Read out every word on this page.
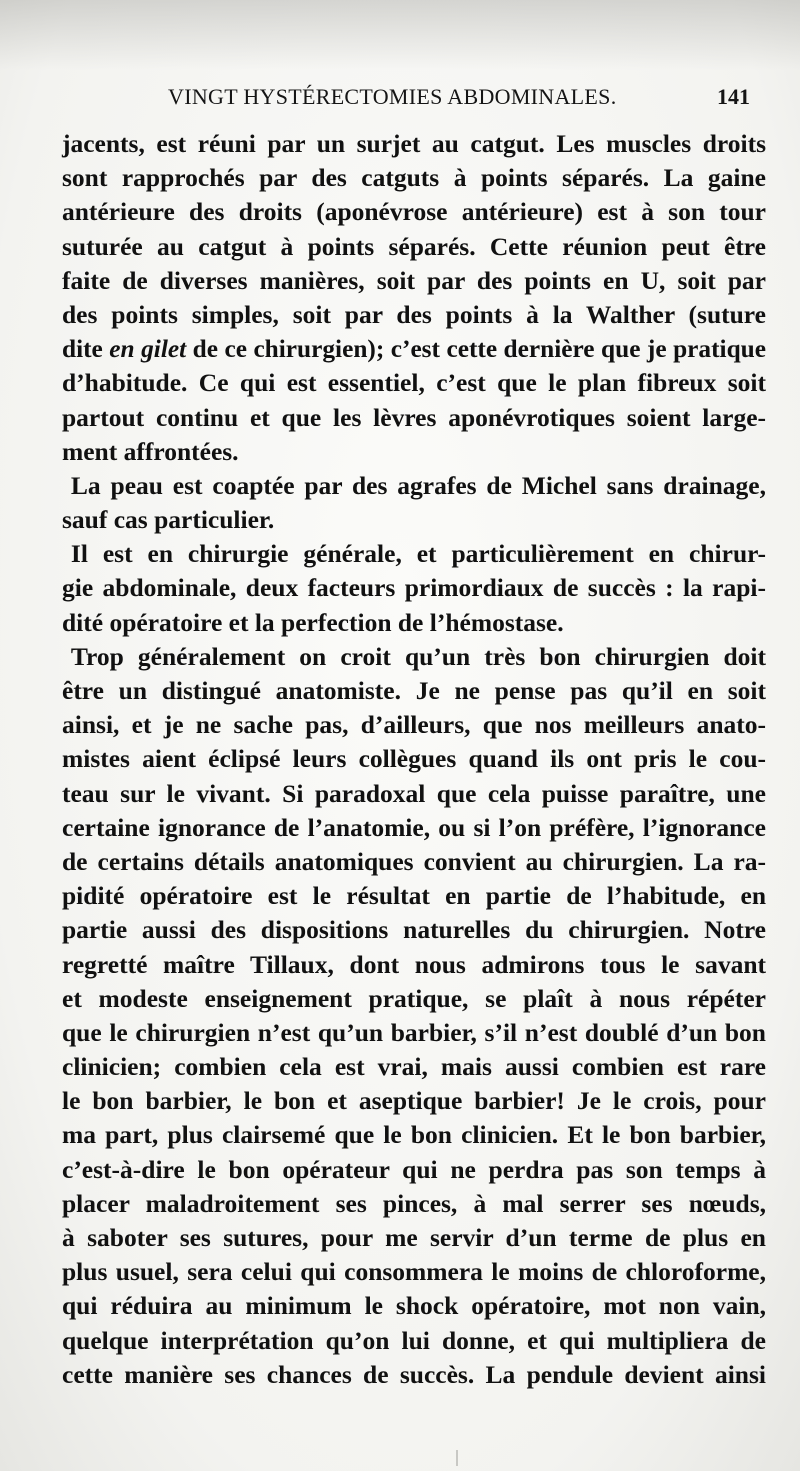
VINGT HYSTÉRECTOMIES ABDOMINALES.	141
jacents, est réuni par un surjet au catgut. Les muscles droits
sont rapprochés par des catguts à points séparés. La gaine
antérieure des droits (aponévrose antérieure) est à son tour
suturée au catgut à points séparés. Cette réunion peut être
faite de diverses manières, soit par des points en U, soit par
des points simples, soit par des points à la Walther (suture
dite en gilet de ce chirurgien); c’est cette dernière que je pratique
d’habitude. Ce qui est essentiel, c’est que le plan fibreux soit
partout continu et que les lèvres aponévrotiques soient large-
ment affrontées.
La peau est coaptée par des agrafes de Michel sans drainage,
sauf cas particulier.
Il est en chirurgie générale, et particulièrement en chirur-
gie abdominale, deux facteurs primordiaux de succès : la rapi-
dité opératoire et la perfection de l’hémostase.
Trop généralement on croit qu’un très bon chirurgien doit
être un distingué anatomiste. Je ne pense pas qu’il en soit
ainsi, et je ne sache pas, d’ailleurs, que nos meilleurs anato-
mistes aient éclipsé leurs collègues quand ils ont pris le cou-
teau sur le vivant. Si paradoxal que cela puisse paraître, une
certaine ignorance de l’anatomie, ou si l’on préfère, l’ignorance
de certains détails anatomiques convient au chirurgien. La ra-
pidité opératoire est le résultat en partie de l’habitude, en
partie aussi des dispositions naturelles du chirurgien. Notre
regretté maître Tillaux, dont nous admirons tous le savant
et modeste enseignement pratique, se plaît à nous répéter
que le chirurgien n’est qu’un barbier, s’il n’est doublé d’un bon
clinicien; combien cela est vrai, mais aussi combien est rare
le bon barbier, le bon et aseptique barbier! Je le crois, pour
ma part, plus clairsemé que le bon clinicien. Et le bon barbier,
c’est-à-dire le bon opérateur qui ne perdra pas son temps à
placer maladroitement ses pinces, à mal serrer ses nœuds,
à saboter ses sutures, pour me servir d’un terme de plus en
plus usuel, sera celui qui consommera le moins de chloroforme,
qui réduira au minimum le shock opératoire, mot non vain,
quelque interprétation qu’on lui donne, et qui multipliera de
cette manière ses chances de succès. La pendule devient ainsi
